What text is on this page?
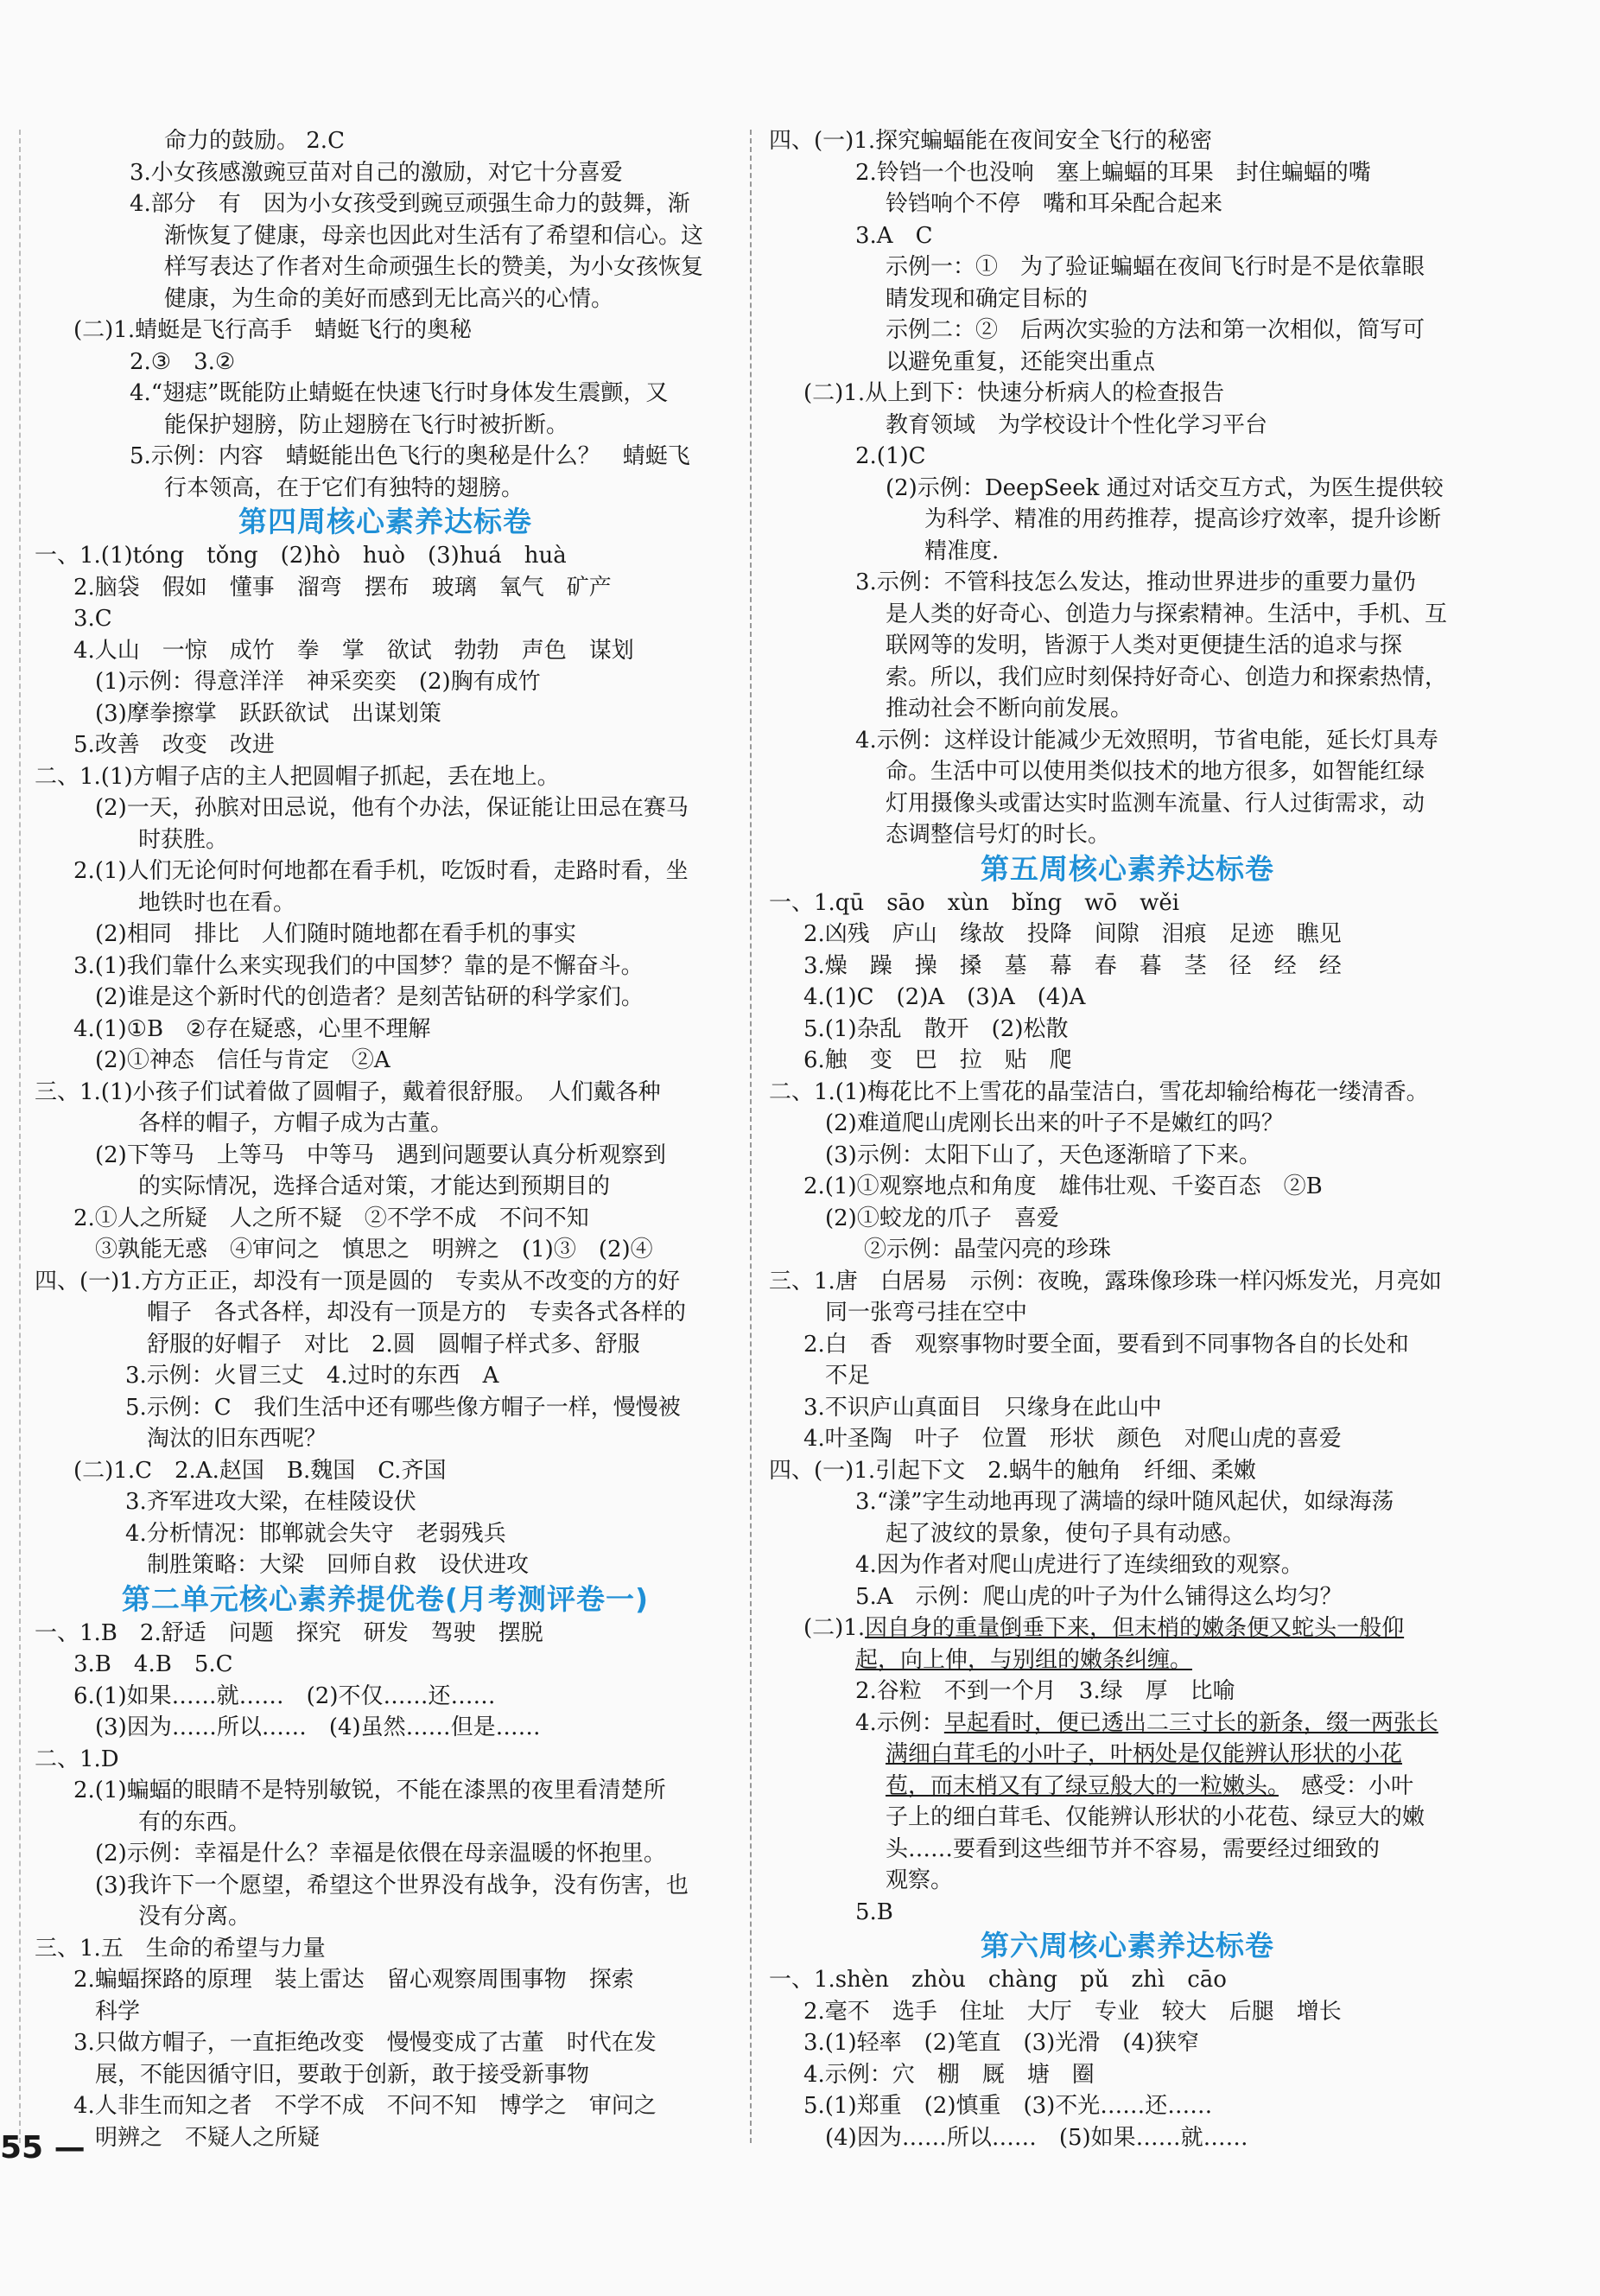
命力的鼓励。 2.C
3.小女孩感激豌豆苗对自己的激励，对它十分喜爱
4.部分　有　因为小女孩受到豌豆顽强生命力的鼓舞，渐
渐恢复了健康，母亲也因此对生活有了希望和信心。这
样写表达了作者对生命顽强生长的赞美，为小女孩恢复
健康，为生命的美好而感到无比高兴的心情。
(二)1.蜻蜓是飞行高手　蜻蜓飞行的奥秘
2.③　3.②
4.“翅痣”既能防止蜻蜓在快速飞行时身体发生震颤，又
能保护翅膀，防止翅膀在飞行时被折断。
5.示例：内容　蜻蜓能出色飞行的奥秘是什么？　蜻蜓飞
行本领高，在于它们有独特的翅膀。
第四周核心素养达标卷
一、1.(1)tóng　tǒng　(2)hò　huò　(3)huá　huà
2.脑袋　假如　懂事　溜弯　摆布　玻璃　氧气　矿产
3.C
4.人山　一惊　成竹　拳　掌　欲试　勃勃　声色　谋划
(1)示例：得意洋洋　神采奕奕　(2)胸有成竹
(3)摩拳擦掌　跃跃欲试　出谋划策
5.改善　改变　改进
二、1.(1)方帽子店的主人把圆帽子抓起，丢在地上。
(2)一天，孙膑对田忌说，他有个办法，保证能让田忌在赛马
时获胜。
2.(1)人们无论何时何地都在看手机，吃饭时看，走路时看，坐
地铁时也在看。
(2)相同　排比　人们随时随地都在看手机的事实
3.(1)我们靠什么来实现我们的中国梦？靠的是不懈奋斗。
(2)谁是这个新时代的创造者？是刻苦钻研的科学家们。
4.(1)①B　②存在疑惑，心里不理解
(2)①神态　信任与肯定　②A
三、1.(1)小孩子们试着做了圆帽子，戴着很舒服。　人们戴各种
各样的帽子，方帽子成为古董。
(2)下等马　上等马　中等马　遇到问题要认真分析观察到
的实际情况，选择合适对策，才能达到预期目的
2.①人之所疑　人之所不疑　②不学不成　不问不知
③孰能无惑　④审问之　慎思之　明辨之　(1)③　(2)④
四、(一)1.方方正正，却没有一顶是圆的　专卖从不改变的方的好
帽子　各式各样，却没有一顶是方的　专卖各式各样的
舒服的好帽子　对比　2.圆　圆帽子样式多、舒服
3.示例：火冒三丈　4.过时的东西　A
5.示例：C　我们生活中还有哪些像方帽子一样，慢慢被
淘汰的旧东西呢？
(二)1.C　2.A.赵国　B.魏国　C.齐国
3.齐军进攻大梁，在桂陵设伏
4.分析情况：邯郸就会失守　老弱残兵
制胜策略：大梁　回师自救　设伏进攻
第二单元核心素养提优卷(月考测评卷一)
一、1.B　2.舒适　问题　探究　研发　驾驶　摆脱
3.B　4.B　5.C
6.(1)如果……就……　(2)不仅……还……
(3)因为……所以……　(4)虽然……但是……
二、1.D
2.(1)蝙蝠的眼睛不是特别敏锐，不能在漆黑的夜里看清楚所
有的东西。
(2)示例：幸福是什么？幸福是依偎在母亲温暖的怀抱里。
(3)我许下一个愿望，希望这个世界没有战争，没有伤害，也
没有分离。
三、1.五　生命的希望与力量
2.蝙蝠探路的原理　装上雷达　留心观察周围事物　探索
科学
3.只做方帽子，一直拒绝改变　慢慢变成了古董　时代在发
展，不能因循守旧，要敢于创新，敢于接受新事物
4.人非生而知之者　不学不成　不问不知　博学之　审问之
明辨之　不疑人之所疑
四、(一)1.探究蝙蝠能在夜间安全飞行的秘密
2.铃铛一个也没响　塞上蝙蝠的耳果　封住蝙蝠的嘴
铃铛响个不停　嘴和耳朵配合起来
3.A　C
示例一：①　为了验证蝙蝠在夜间飞行时是不是依靠眼
睛发现和确定目标的
示例二：②　后两次实验的方法和第一次相似，简写可
以避免重复，还能突出重点
(二)1.从上到下：快速分析病人的检查报告
教育领域　为学校设计个性化学习平台
2.(1)C
(2)示例：DeepSeek 通过对话交互方式，为医生提供较
为科学、精准的用药推荐，提高诊疗效率，提升诊断
精准度.
3.示例：不管科技怎么发达，推动世界进步的重要力量仍
是人类的好奇心、创造力与探索精神。生活中，手机、互
联网等的发明，皆源于人类对更便捷生活的追求与探
索。所以，我们应时刻保持好奇心、创造力和探索热情，
推动社会不断向前发展。
4.示例：这样设计能减少无效照明，节省电能，延长灯具寿
命。生活中可以使用类似技术的地方很多，如智能红绿
灯用摄像头或雷达实时监测车流量、行人过街需求，动
态调整信号灯的时长。
第五周核心素养达标卷
一、1.qū　sāo　xùn　bǐng　wō　wěi
2.凶残　庐山　缘故　投降　间隙　泪痕　足迹　瞧见
3.燥　躁　操　搡　墓　幕　春　暮　茎　径　经　经
4.(1)C　(2)A　(3)A　(4)A
5.(1)杂乱　散开　(2)松散
6.触　变　巴　拉　贴　爬
二、1.(1)梅花比不上雪花的晶莹洁白，雪花却输给梅花一缕清香。
(2)难道爬山虎刚长出来的叶子不是嫩红的吗？
(3)示例：太阳下山了，天色逐渐暗了下来。
2.(1)①观察地点和角度　雄伟壮观、千姿百态　②B
(2)①蛟龙的爪子　喜爱
②示例：晶莹闪亮的珍珠
三、1.唐　白居易　示例：夜晚，露珠像珍珠一样闪烁发光，月亮如
同一张弯弓挂在空中
2.白　香　观察事物时要全面，要看到不同事物各自的长处和
不足
3.不识庐山真面目　只缘身在此山中
4.叶圣陶　叶子　位置　形状　颜色　对爬山虎的喜爱
四、(一)1.引起下文　2.蜗牛的触角　纤细、柔嫩
3.“漾”字生动地再现了满墙的绿叶随风起伏，如绿海荡
起了波纹的景象，使句子具有动感。
4.因为作者对爬山虎进行了连续细致的观察。
5.A　示例：爬山虎的叶子为什么铺得这么均匀？
(二)1.因自身的重量倒垂下来，但末梢的嫩条便又蛇头一般仰
起，向上伸，与别组的嫩条纠缠。
2.谷粒　不到一个月　3.绿　厚　比喻
4.示例：早起看时，便已透出二三寸长的新条，缀一两张长
满细白茸毛的小叶子，叶柄处是仅能辨认形状的小花
苞，而末梢又有了绿豆般大的一粒嫩头。　感受：小叶
子上的细白茸毛、仅能辨认形状的小花苞、绿豆大的嫩
头……要看到这些细节并不容易，需要经过细致的
观察。
5.B
第六周核心素养达标卷
一、1.shèn　zhòu　chàng　pǔ　zhì　cāo
2.毫不　选手　住址　大厅　专业　较大　后腿　增长
3.(1)轻率　(2)笔直　(3)光滑　(4)狭窄
4.示例：穴　棚　厩　塘　圈
5.(1)郑重　(2)慎重　(3)不光……还……
(4)因为……所以……　(5)如果……就……
55 —
